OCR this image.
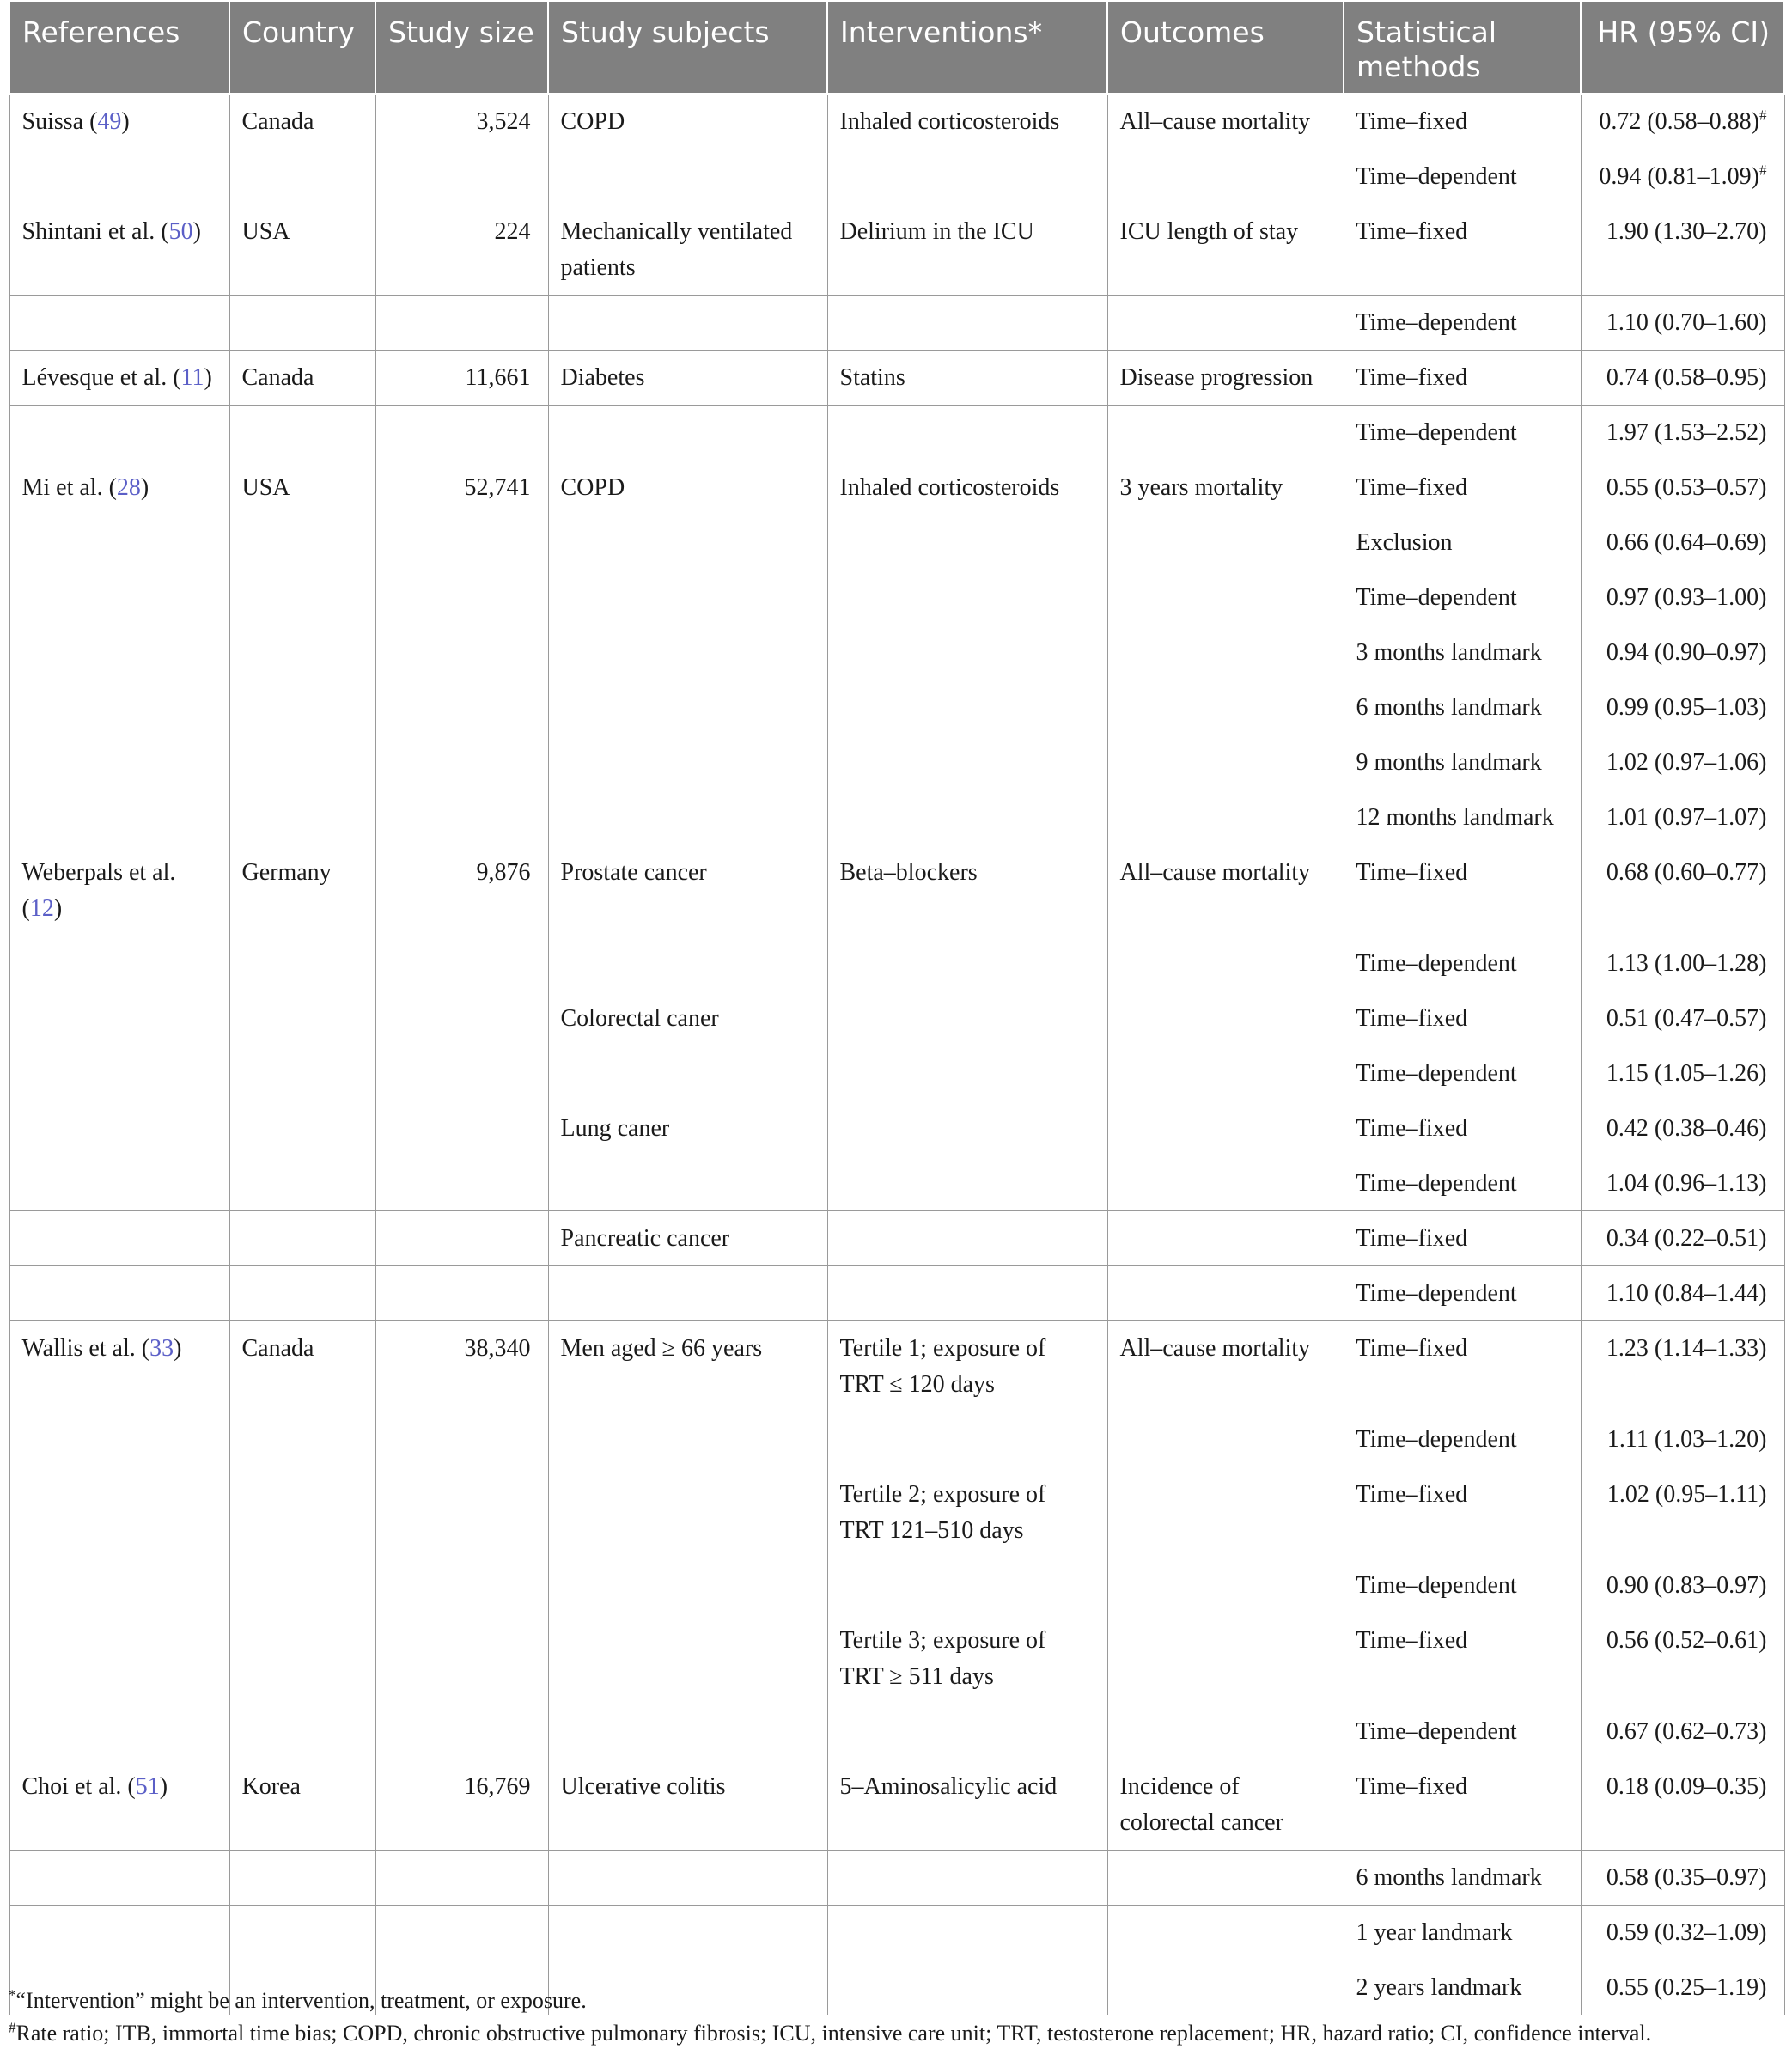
References	Country	Study size	Study subjects	Interventions*	Outcomes	Statistical methods	HR (95% CI)
Suissa (49)	Canada	3,524	COPD	Inhaled corticosteroids	All–cause mortality	Time–fixed	0.72 (0.58–0.88)#
						Time–dependent	0.94 (0.81–1.09)#
Shintani et al. (50)	USA	224	Mechanically ventilated patients	Delirium in the ICU	ICU length of stay	Time–fixed	1.90 (1.30–2.70)
						Time–dependent	1.10 (0.70–1.60)
Lévesque et al. (11)	Canada	11,661	Diabetes	Statins	Disease progression	Time–fixed	0.74 (0.58–0.95)
						Time–dependent	1.97 (1.53–2.52)
Mi et al. (28)	USA	52,741	COPD	Inhaled corticosteroids	3 years mortality	Time–fixed	0.55 (0.53–0.57)
						Exclusion	0.66 (0.64–0.69)
						Time–dependent	0.97 (0.93–1.00)
						3 months landmark	0.94 (0.90–0.97)
						6 months landmark	0.99 (0.95–1.03)
						9 months landmark	1.02 (0.97–1.06)
						12 months landmark	1.01 (0.97–1.07)
Weberpals et al. (12)	Germany	9,876	Prostate cancer	Beta–blockers	All–cause mortality	Time–fixed	0.68 (0.60–0.77)
						Time–dependent	1.13 (1.00–1.28)
			Colorectal caner			Time–fixed	0.51 (0.47–0.57)
						Time–dependent	1.15 (1.05–1.26)
			Lung caner			Time–fixed	0.42 (0.38–0.46)
						Time–dependent	1.04 (0.96–1.13)
			Pancreatic cancer			Time–fixed	0.34 (0.22–0.51)
						Time–dependent	1.10 (0.84–1.44)
Wallis et al. (33)	Canada	38,340	Men aged ≥ 66 years	Tertile 1; exposure of TRT ≤ 120 days	All–cause mortality	Time–fixed	1.23 (1.14–1.33)
						Time–dependent	1.11 (1.03–1.20)
				Tertile 2; exposure of TRT 121–510 days		Time–fixed	1.02 (0.95–1.11)
						Time–dependent	0.90 (0.83–0.97)
				Tertile 3; exposure of TRT ≥ 511 days		Time–fixed	0.56 (0.52–0.61)
						Time–dependent	0.67 (0.62–0.73)
Choi et al. (51)	Korea	16,769	Ulcerative colitis	5–Aminosalicylic acid	Incidence of colorectal cancer	Time–fixed	0.18 (0.09–0.35)
						6 months landmark	0.58 (0.35–0.97)
						1 year landmark	0.59 (0.32–1.09)
						2 years landmark	0.55 (0.25–1.19)

*“Intervention” might be an intervention, treatment, or exposure.

#Rate ratio; ITB, immortal time bias; COPD, chronic obstructive pulmonary fibrosis; ICU, intensive care unit; TRT, testosterone replacement; HR, hazard ratio; CI, confidence interval.
